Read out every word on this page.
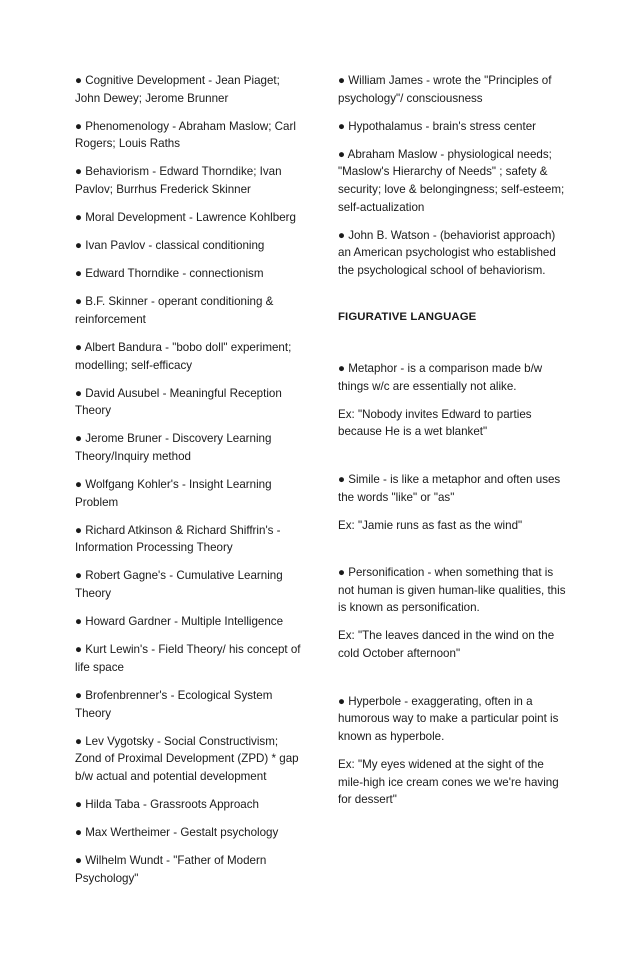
● Cognitive Development - Jean Piaget; John Dewey; Jerome Brunner

● Phenomenology - Abraham Maslow; Carl Rogers; Louis Raths

● Behaviorism - Edward Thorndike; Ivan Pavlov; Burrhus Frederick Skinner

● Moral Development - Lawrence Kohlberg

● Ivan Pavlov - classical conditioning

● Edward Thorndike - connectionism

● B.F. Skinner - operant conditioning & reinforcement

● Albert Bandura - "bobo doll" experiment; modelling; self-efficacy

● David Ausubel - Meaningful Reception Theory

● Jerome Bruner - Discovery Learning Theory/Inquiry method

● Wolfgang Kohler's - Insight Learning Problem

● Richard Atkinson & Richard Shiffrin's - Information Processing Theory

● Robert Gagne's - Cumulative Learning Theory

● Howard Gardner - Multiple Intelligence

● Kurt Lewin's - Field Theory/ his concept of life space

● Brofenbrenner's - Ecological System Theory

● Lev Vygotsky - Social Constructivism; Zond of Proximal Development (ZPD) * gap b/w actual and potential development

● Hilda Taba - Grassroots Approach

● Max Wertheimer - Gestalt psychology

● Wilhelm Wundt - "Father of Modern Psychology"

● William James - wrote the "Principles of psychology"/ consciousness

● Hypothalamus - brain's stress center

● Abraham Maslow - physiological needs; "Maslow's Hierarchy of Needs" ; safety & security; love & belongingness; self-esteem; self-actualization

● John B. Watson - (behaviorist approach) an American psychologist who established the psychological school of behaviorism.

FIGURATIVE LANGUAGE

● Metaphor - is a comparison made b/w things w/c are essentially not alike.

Ex: "Nobody invites Edward to parties because He is a wet blanket"

● Simile - is like a metaphor and often uses the words "like" or "as"

Ex: "Jamie runs as fast as the wind"

● Personification - when something that is not human is given human-like qualities, this is known as personification.

Ex: "The leaves danced in the wind on the cold October afternoon"

● Hyperbole - exaggerating, often in a humorous way to make a particular point is known as hyperbole.

Ex: "My eyes widened at the sight of the mile-high ice cream cones we we're having for dessert"
